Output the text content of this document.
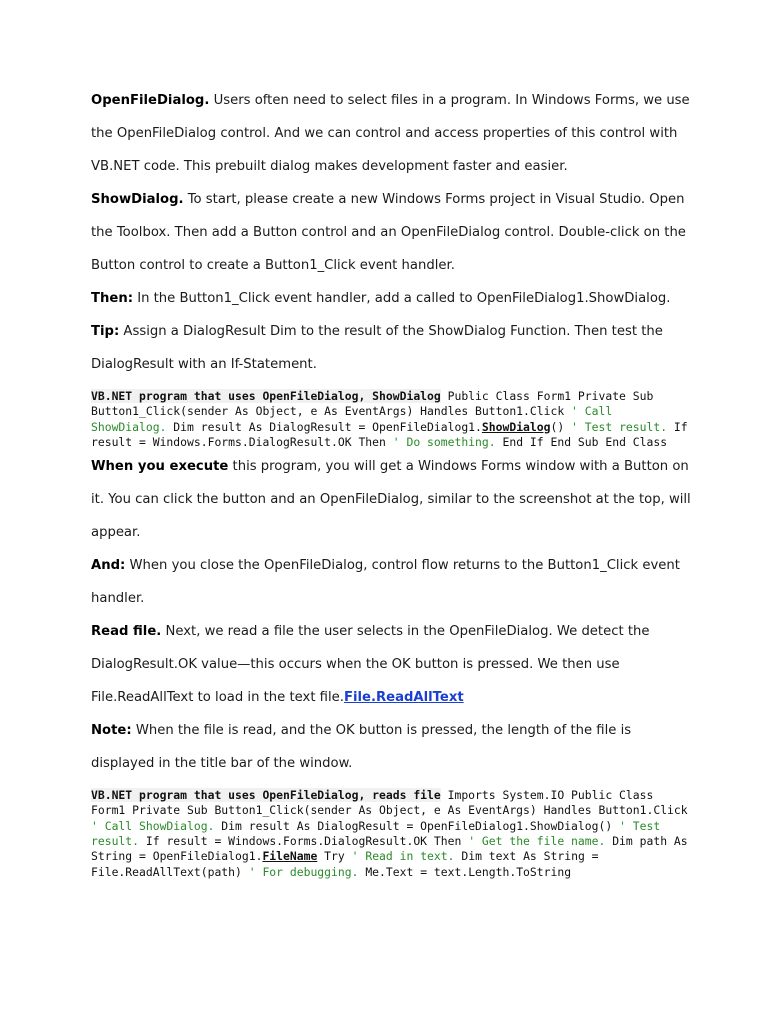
OpenFileDialog. Users often need to select files in a program. In Windows Forms, we use the OpenFileDialog control. And we can control and access properties of this control with VB.NET code. This prebuilt dialog makes development faster and easier.

ShowDialog. To start, please create a new Windows Forms project in Visual Studio. Open the Toolbox. Then add a Button control and an OpenFileDialog control. Double-click on the Button control to create a Button1_Click event handler.

Then: In the Button1_Click event handler, add a called to OpenFileDialog1.ShowDialog.

Tip: Assign a DialogResult Dim to the result of the ShowDialog Function. Then test the DialogResult with an If-Statement.

VB.NET program that uses OpenFileDialog, ShowDialog Public Class Form1 Private Sub Button1_Click(sender As Object, e As EventArgs) Handles Button1.Click ' Call ShowDialog. Dim result As DialogResult = OpenFileDialog1.ShowDialog() ' Test result. If result = Windows.Forms.DialogResult.OK Then ' Do something. End If End Sub End Class

When you execute this program, you will get a Windows Forms window with a Button on it. You can click the button and an OpenFileDialog, similar to the screenshot at the top, will appear.

And: When you close the OpenFileDialog, control flow returns to the Button1_Click event handler.

Read file. Next, we read a file the user selects in the OpenFileDialog. We detect the DialogResult.OK value—this occurs when the OK button is pressed. We then use File.ReadAllText to load in the text file.File.ReadAllText

Note: When the file is read, and the OK button is pressed, the length of the file is displayed in the title bar of the window.

VB.NET program that uses OpenFileDialog, reads file Imports System.IO Public Class Form1 Private Sub Button1_Click(sender As Object, e As EventArgs) Handles Button1.Click ' Call ShowDialog. Dim result As DialogResult = OpenFileDialog1.ShowDialog() ' Test result. If result = Windows.Forms.DialogResult.OK Then ' Get the file name. Dim path As String = OpenFileDialog1.FileName Try ' Read in text. Dim text As String = File.ReadAllText(path) ' For debugging. Me.Text = text.Length.ToString
